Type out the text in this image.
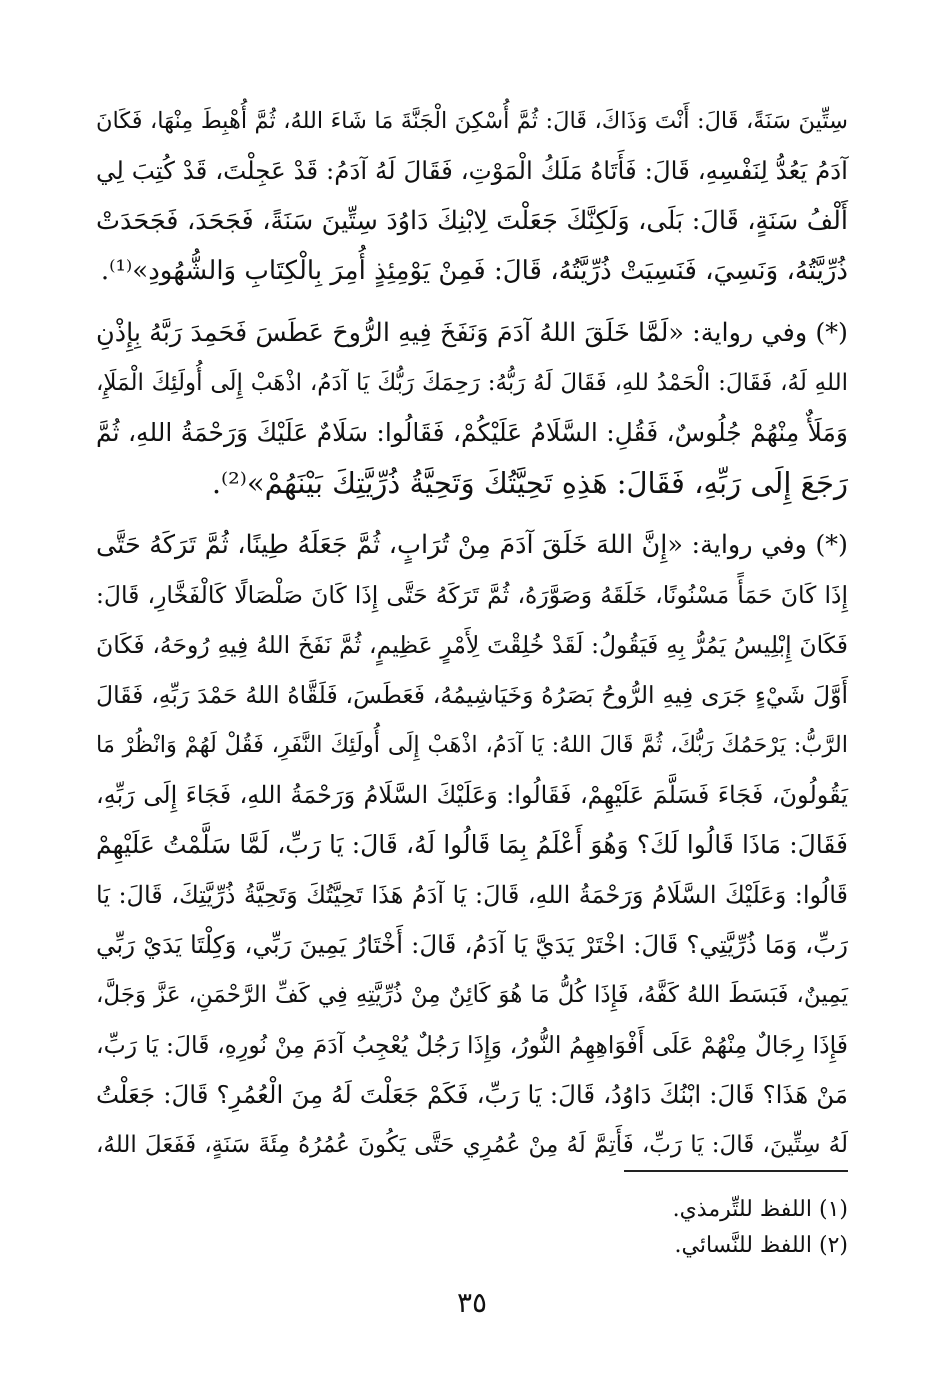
سِتِّينَ سَنَةً، قَالَ: أَنْتَ وَذَاكَ، قَالَ: ثُمَّ أُسْكِنَ الْجَنَّةَ مَا شَاءَ اللهُ، ثُمَّ أُهْبِطَ مِنْهَا، فَكَانَ
آدَمُ يَعُدُّ لِنَفْسِهِ، قَالَ: فَأَتَاهُ مَلَكُ الْمَوْتِ، فَقَالَ لَهُ آدَمُ: قَدْ عَجِلْتَ، قَدْ كُتِبَ لِي
أَلْفُ سَنَةٍ، قَالَ: بَلَى، وَلَكِنَّكَ جَعَلْتَ لِابْنِكَ دَاوُدَ سِتِّينَ سَنَةً، فَجَحَدَ، فَجَحَدَتْ
ذُرِّيَّتُهُ، وَنَسِيَ، فَنَسِيَتْ ذُرِّيَّتُهُ، قَالَ: فَمِنْ يَوْمِئِذٍ أُمِرَ بِالْكِتَابِ وَالشُّهُودِ»⁽¹⁾.
(*) وفي رواية: «لَمَّا خَلَقَ اللهُ آدَمَ وَنَفَخَ فِيهِ الرُّوحَ عَطَسَ فَحَمِدَ رَبَّهُ بِإِذْنِ
اللهِ لَهُ، فَقَالَ: الْحَمْدُ للهِ، فَقَالَ لَهُ رَبُّهُ: رَحِمَكَ رَبُّكَ يَا آدَمُ، اذْهَبْ إِلَى أُولَئِكَ الْمَلَإِ،
وَمَلَأٌ مِنْهُمْ جُلُوسٌ، فَقُلِ: السَّلَامُ عَلَيْكُمْ، فَقَالُوا: سَلَامٌ عَلَيْكَ وَرَحْمَةُ اللهِ، ثُمَّ
رَجَعَ إِلَى رَبِّهِ، فَقَالَ: هَذِهِ تَحِيَّتُكَ وَتَحِيَّةُ ذُرِّيَّتِكَ بَيْنَهُمْ»⁽²⁾.
(*) وفي رواية: «إِنَّ اللهَ خَلَقَ آدَمَ مِنْ تُرَابٍ، ثُمَّ جَعَلَهُ طِينًا، ثُمَّ تَرَكَهُ حَتَّى
إِذَا كَانَ حَمَأً مَسْنُونًا، خَلَقَهُ وَصَوَّرَهُ، ثُمَّ تَرَكَهُ حَتَّى إِذَا كَانَ صَلْصَالًا كَالْفَخَّارِ، قَالَ:
فَكَانَ إِبْلِيسُ يَمُرُّ بِهِ فَيَقُولُ: لَقَدْ خُلِقْتَ لِأَمْرٍ عَظِيمٍ، ثُمَّ نَفَخَ اللهُ فِيهِ رُوحَهُ، فَكَانَ
أَوَّلَ شَيْءٍ جَرَى فِيهِ الرُّوحُ بَصَرُهُ وَخَيَاشِيمُهُ، فَعَطَسَ، فَلَقَّاهُ اللهُ حَمْدَ رَبِّهِ، فَقَالَ
الرَّبُّ: يَرْحَمُكَ رَبُّكَ، ثُمَّ قَالَ اللهُ: يَا آدَمُ، اذْهَبْ إِلَى أُولَئِكَ النَّفَرِ، فَقُلْ لَهُمْ وَانْظُرْ مَا
يَقُولُونَ، فَجَاءَ فَسَلَّمَ عَلَيْهِمْ، فَقَالُوا: وَعَلَيْكَ السَّلَامُ وَرَحْمَةُ اللهِ، فَجَاءَ إِلَى رَبِّهِ،
فَقَالَ: مَاذَا قَالُوا لَكَ؟ وَهُوَ أَعْلَمُ بِمَا قَالُوا لَهُ، قَالَ: يَا رَبِّ، لَمَّا سَلَّمْتُ عَلَيْهِمْ
قَالُوا: وَعَلَيْكَ السَّلَامُ وَرَحْمَةُ اللهِ، قَالَ: يَا آدَمُ هَذَا تَحِيَّتُكَ وَتَحِيَّةُ ذُرِّيَّتِكَ، قَالَ: يَا
رَبِّ، وَمَا ذُرِّيَّتِي؟ قَالَ: اخْتَرْ يَدَيَّ يَا آدَمُ، قَالَ: أَخْتَارُ يَمِينَ رَبِّي، وَكِلْتَا يَدَيْ رَبِّي
يَمِينٌ، فَبَسَطَ اللهُ كَفَّهُ، فَإِذَا كُلُّ مَا هُوَ كَائِنٌ مِنْ ذُرِّيَّتِهِ فِي كَفِّ الرَّحْمَنِ، عَزَّ وَجَلَّ،
فَإِذَا رِجَالٌ مِنْهُمْ عَلَى أَفْوَاهِهِمُ النُّورُ، وَإِذَا رَجُلٌ يُعْجِبُ آدَمَ مِنْ نُورِهِ، قَالَ: يَا رَبِّ،
مَنْ هَذَا؟ قَالَ: ابْنُكَ دَاوُدُ، قَالَ: يَا رَبِّ، فَكَمْ جَعَلْتَ لَهُ مِنَ الْعُمُرِ؟ قَالَ: جَعَلْتُ
لَهُ سِتِّينَ، قَالَ: يَا رَبِّ، فَأَتِمَّ لَهُ مِنْ عُمُرِي حَتَّى يَكُونَ عُمُرُهُ مِئَةَ سَنَةٍ، فَفَعَلَ اللهُ،
(١) اللفظ للتِّرمذي.
(٢) اللفظ للنَّسائي.
٣٥
